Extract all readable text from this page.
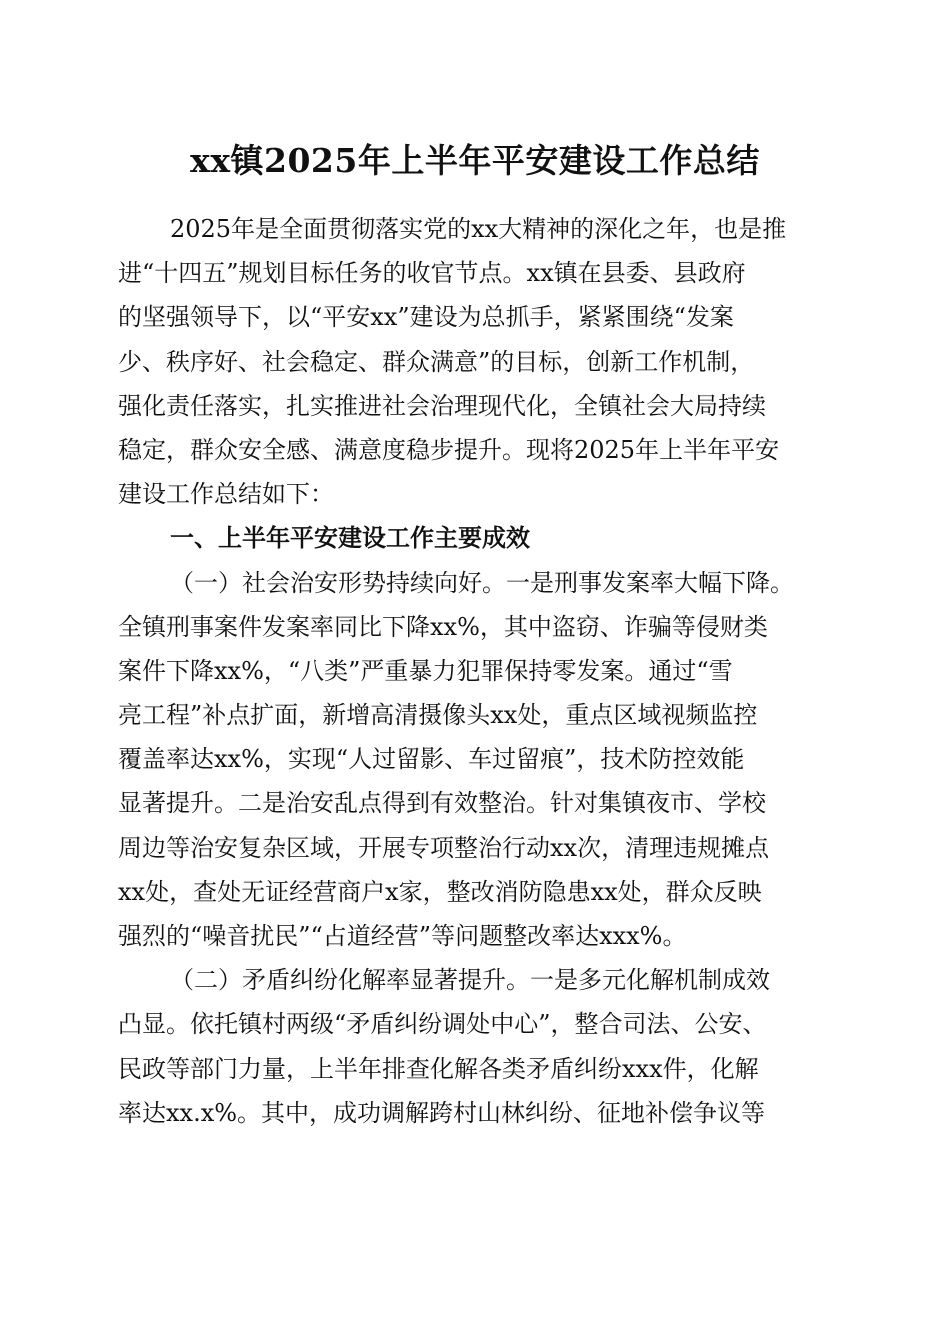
xx镇2025年上半年平安建设工作总结
2025年是全面贯彻落实党的xx大精神的深化之年，也是推
进“十四五”规划目标任务的收官节点。xx镇在县委、县政府
的坚强领导下，以“平安xx”建设为总抓手，紧紧围绕“发案
少、秩序好、社会稳定、群众满意”的目标，创新工作机制，
强化责任落实，扎实推进社会治理现代化，全镇社会大局持续
稳定，群众安全感、满意度稳步提升。现将2025年上半年平安
建设工作总结如下：
一、上半年平安建设工作主要成效
（一）社会治安形势持续向好。一是刑事发案率大幅下降。
全镇刑事案件发案率同比下降xx%，其中盗窃、诈骗等侵财类
案件下降xx%，“八类”严重暴力犯罪保持零发案。通过“雪
亮工程”补点扩面，新增高清摄像头xx处，重点区域视频监控
覆盖率达xx%，实现“人过留影、车过留痕”，技术防控效能
显著提升。二是治安乱点得到有效整治。针对集镇夜市、学校
周边等治安复杂区域，开展专项整治行动xx次，清理违规摊点
xx处，查处无证经营商户x家，整改消防隐患xx处，群众反映
强烈的“噪音扰民”“占道经营”等问题整改率达xxx%。
（二）矛盾纠纷化解率显著提升。一是多元化解机制成效
凸显。依托镇村两级“矛盾纠纷调处中心”，整合司法、公安、
民政等部门力量，上半年排查化解各类矛盾纠纷xxx件，化解
率达xx.x%。其中，成功调解跨村山林纠纷、征地补偿争议等
